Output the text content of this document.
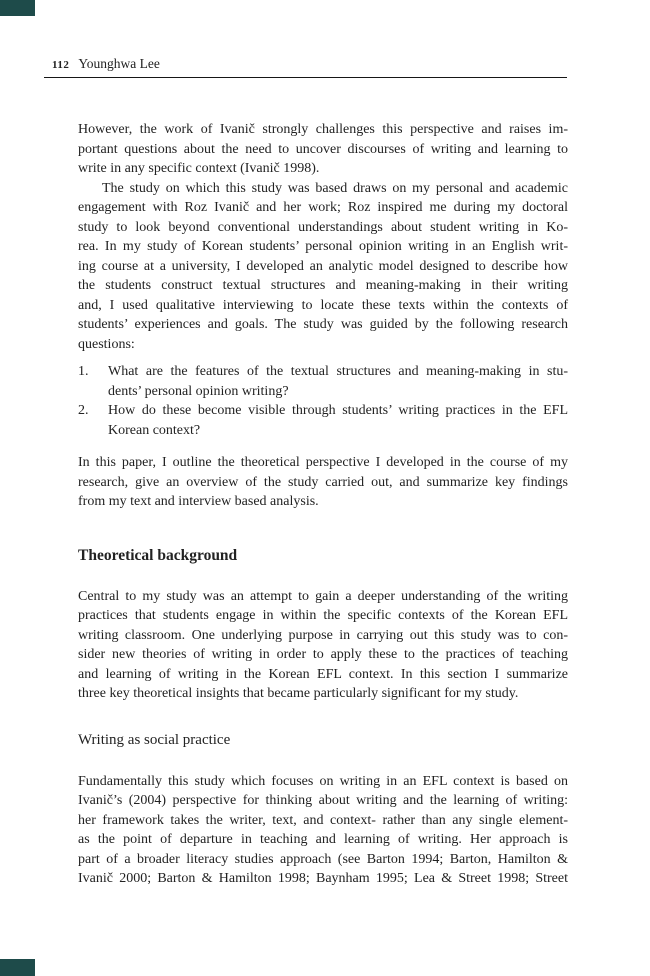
112 Younghwa Lee
However, the work of Ivanič strongly challenges this perspective and raises im-
portant questions about the need to uncover discourses of writing and learning to
write in any specific context (Ivanič 1998).
The study on which this study was based draws on my personal and academic
engagement with Roz Ivanič and her work; Roz inspired me during my doctoral
study to look beyond conventional understandings about student writing in Ko-
rea. In my study of Korean students’ personal opinion writing in an English writ-
ing course at a university, I developed an analytic model designed to describe how
the students construct textual structures and meaning-making in their writing
and, I used qualitative interviewing to locate these texts within the contexts of
students’ experiences and goals. The study was guided by the following research
questions:
1. What are the features of the textual structures and meaning-making in stu-
dents’ personal opinion writing?
2. How do these become visible through students’ writing practices in the EFL
Korean context?
In this paper, I outline the theoretical perspective I developed in the course of my
research, give an overview of the study carried out, and summarize key findings
from my text and interview based analysis.
Theoretical background
Central to my study was an attempt to gain a deeper understanding of the writing
practices that students engage in within the specific contexts of the Korean EFL
writing classroom. One underlying purpose in carrying out this study was to con-
sider new theories of writing in order to apply these to the practices of teaching
and learning of writing in the Korean EFL context. In this section I summarize
three key theoretical insights that became particularly significant for my study.
Writing as social practice
Fundamentally this study which focuses on writing in an EFL context is based on
Ivanič’s (2004) perspective for thinking about writing and the learning of writing:
her framework takes the writer, text, and context- rather than any single element-
as the point of departure in teaching and learning of writing. Her approach is
part of a broader literacy studies approach (see Barton 1994; Barton, Hamilton &
Ivanič 2000; Barton & Hamilton 1998; Baynham 1995; Lea & Street 1998; Street
